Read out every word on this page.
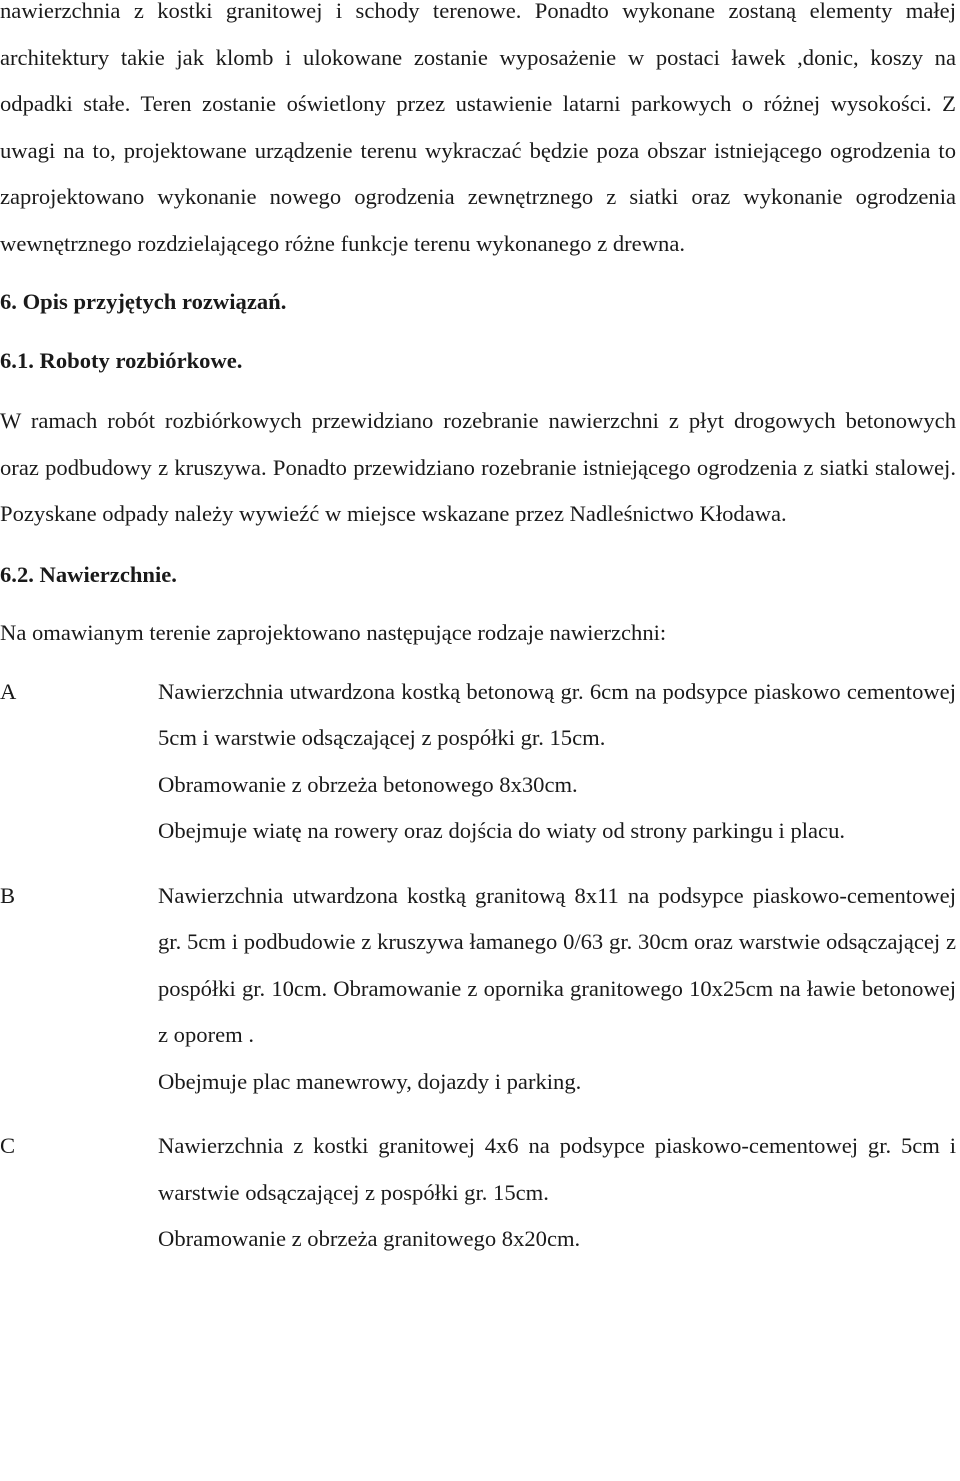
nawierzchnia z kostki granitowej i schody terenowe. Ponadto wykonane zostaną elementy małej architektury takie jak klomb i ulokowane zostanie wyposażenie w postaci ławek ,donic, koszy na odpadki stałe. Teren zostanie oświetlony przez ustawienie latarni parkowych o różnej wysokości. Z uwagi na to, projektowane urządzenie terenu wykraczać będzie poza obszar istniejącego ogrodzenia to zaprojektowano wykonanie nowego ogrodzenia zewnętrznego z siatki oraz wykonanie ogrodzenia wewnętrznego rozdzielającego różne funkcje terenu wykonanego z drewna.

6. Opis przyjętych rozwiązań.

6.1. Roboty rozbiórkowe.

W ramach robót rozbiórkowych przewidziano rozebranie nawierzchni z płyt drogowych betonowych oraz podbudowy z kruszywa. Ponadto przewidziano rozebranie istniejącego ogrodzenia z siatki stalowej. Pozyskane odpady należy wywieźć w miejsce wskazane przez Nadleśnictwo Kłodawa.

6.2. Nawierzchnie.

Na omawianym terenie zaprojektowano następujące rodzaje nawierzchni:

A	Nawierzchnia utwardzona kostką betonową gr. 6cm na podsypce piaskowo cementowej 5cm i warstwie odsączającej z pospółki gr. 15cm.

Obramowanie z obrzeża betonowego 8x30cm.

Obejmuje wiatę na rowery oraz dojścia do wiaty od strony parkingu i placu.

B	Nawierzchnia utwardzona kostką granitową 8x11 na podsypce piaskowo-cementowej gr. 5cm i podbudowie z kruszywa łamanego 0/63 gr. 30cm oraz warstwie odsączającej z pospółki gr. 10cm. Obramowanie z opornika granitowego 10x25cm na ławie betonowej z oporem .

Obejmuje plac manewrowy, dojazdy i parking.

C	Nawierzchnia z kostki granitowej 4x6 na podsypce piaskowo-cementowej gr. 5cm i warstwie odsączającej z pospółki gr. 15cm.

Obramowanie z obrzeża granitowego 8x20cm.
